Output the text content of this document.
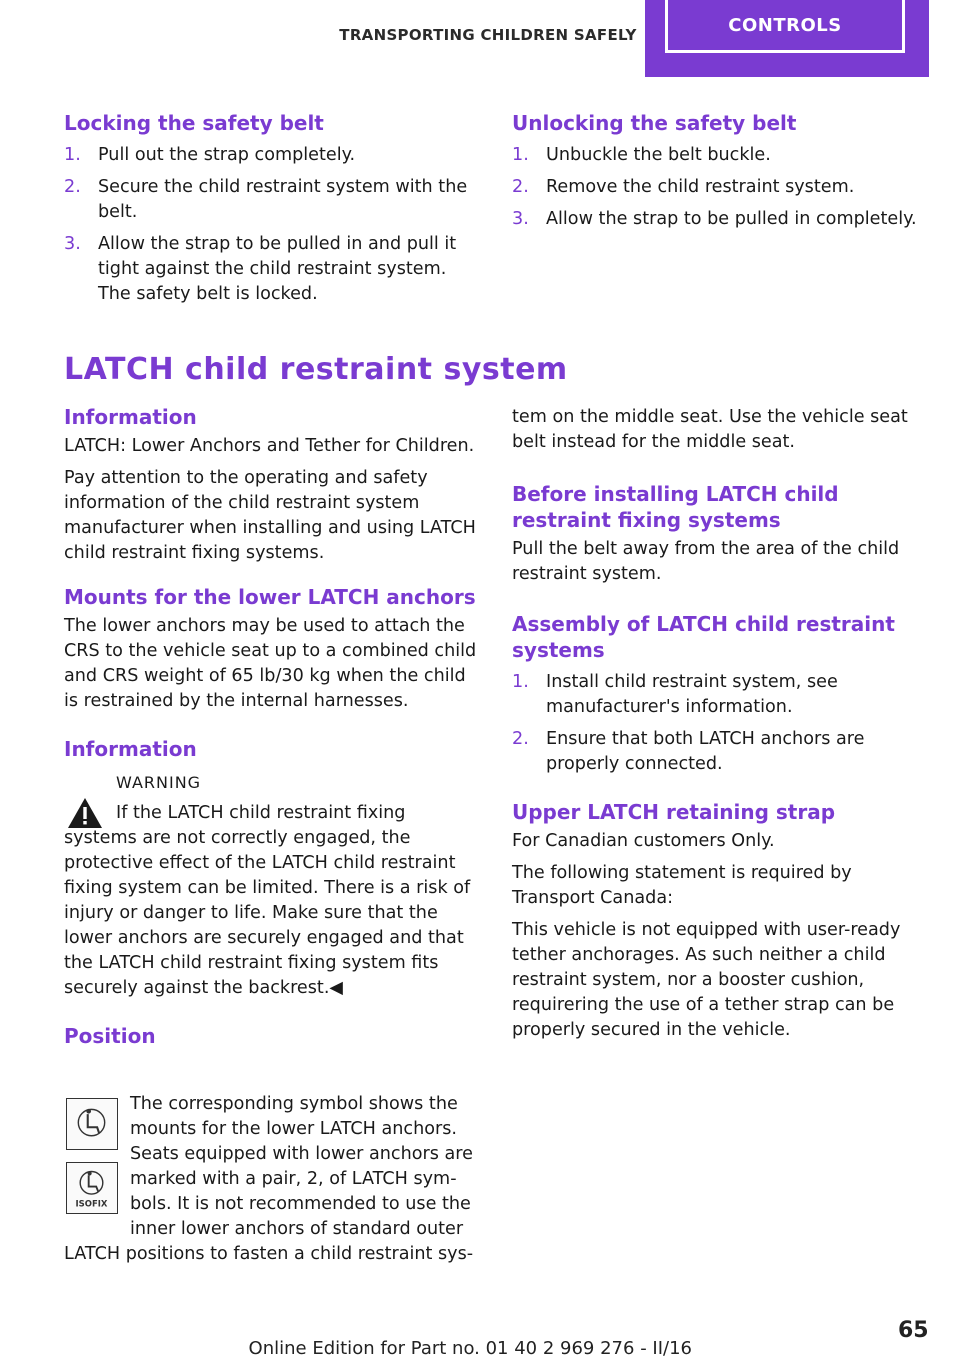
TRANSPORTING CHILDREN SAFELY	CONTROLS
Locking the safety belt
1. Pull out the strap completely.
2. Secure the child restraint system with the belt.
3. Allow the strap to be pulled in and pull it tight against the child restraint system. The safety belt is locked.
Unlocking the safety belt
1. Unbuckle the belt buckle.
2. Remove the child restraint system.
3. Allow the strap to be pulled in completely.
LATCH child restraint system
Information

LATCH: Lower Anchors and Tether for Children.

Pay attention to the operating and safety information of the child restraint system manufacturer when installing and using LATCH child restraint fixing systems.

Mounts for the lower LATCH anchors

The lower anchors may be used to attach the CRS to the vehicle seat up to a combined child and CRS weight of 65 lb/30 kg when the child is restrained by the internal harnesses.

Information
WARNING

If the LATCH child restraint fixing systems are not correctly engaged, the protective effect of the LATCH child restraint fixing system can be limited. There is a risk of injury or danger to life. Make sure that the lower anchors are securely engaged and that the LATCH child restraint fixing system fits securely against the backrest.◀

Position
ISOFIX

The corresponding symbol shows the mounts for the lower LATCH anchors. Seats equipped with lower anchors are marked with a pair, 2, of LATCH sym-bols. It is not recommended to use the inner lower anchors of standard outer

LATCH positions to fasten a child restraint sys-

tem on the middle seat. Use the vehicle seat belt instead for the middle seat.

Before installing LATCH child restraint fixing systems

Pull the belt away from the area of the child restraint system.

Assembly of LATCH child restraint systems
1. Install child restraint system, see manufacturer's information.
2. Ensure that both LATCH anchors are properly connected.
Upper LATCH retaining strap

For Canadian customers Only.

The following statement is required by Transport Canada:

This vehicle is not equipped with user-ready tether anchorages. As such neither a child restraint system, nor a booster cushion, requirering the use of a tether strap can be properly secured in the vehicle.

Online Edition for Part no. 01 40 2 969 276 - II/16
65
